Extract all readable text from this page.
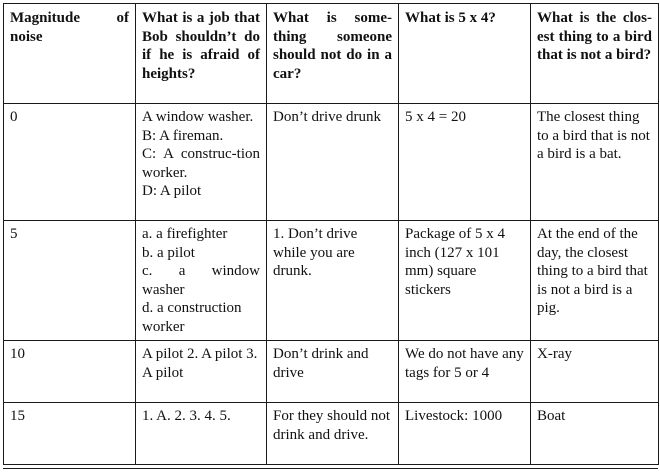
Magnitude of noise	What is a job that Bob shouldn’t do if he is afraid of heights?	What is some-thing someone should not do in a car?	What is 5 x 4?	What is the clos-est thing to a bird that is not a bird?
0	A window washer.
B: A fireman.
C: A construc-tion worker.
D: A pilot	Don’t drive drunk	5 x 4 = 20	The closest thing to a bird that is not a bird is a bat.
5	a. a firefighter
b. a pilot
c. a window washer
d. a construction worker	1. Don’t drive while you are drunk.	Package of 5 x 4 inch (127 x 101 mm) square stickers	At the end of the day, the closest thing to a bird that is not a bird is a pig.
10	A pilot 2. A pilot 3. A pilot	Don’t drink and drive	We do not have any tags for 5 or 4	X-ray
15	1. A. 2. 3. 4. 5.	For they should not drink and drive.	Livestock: 1000	Boat
